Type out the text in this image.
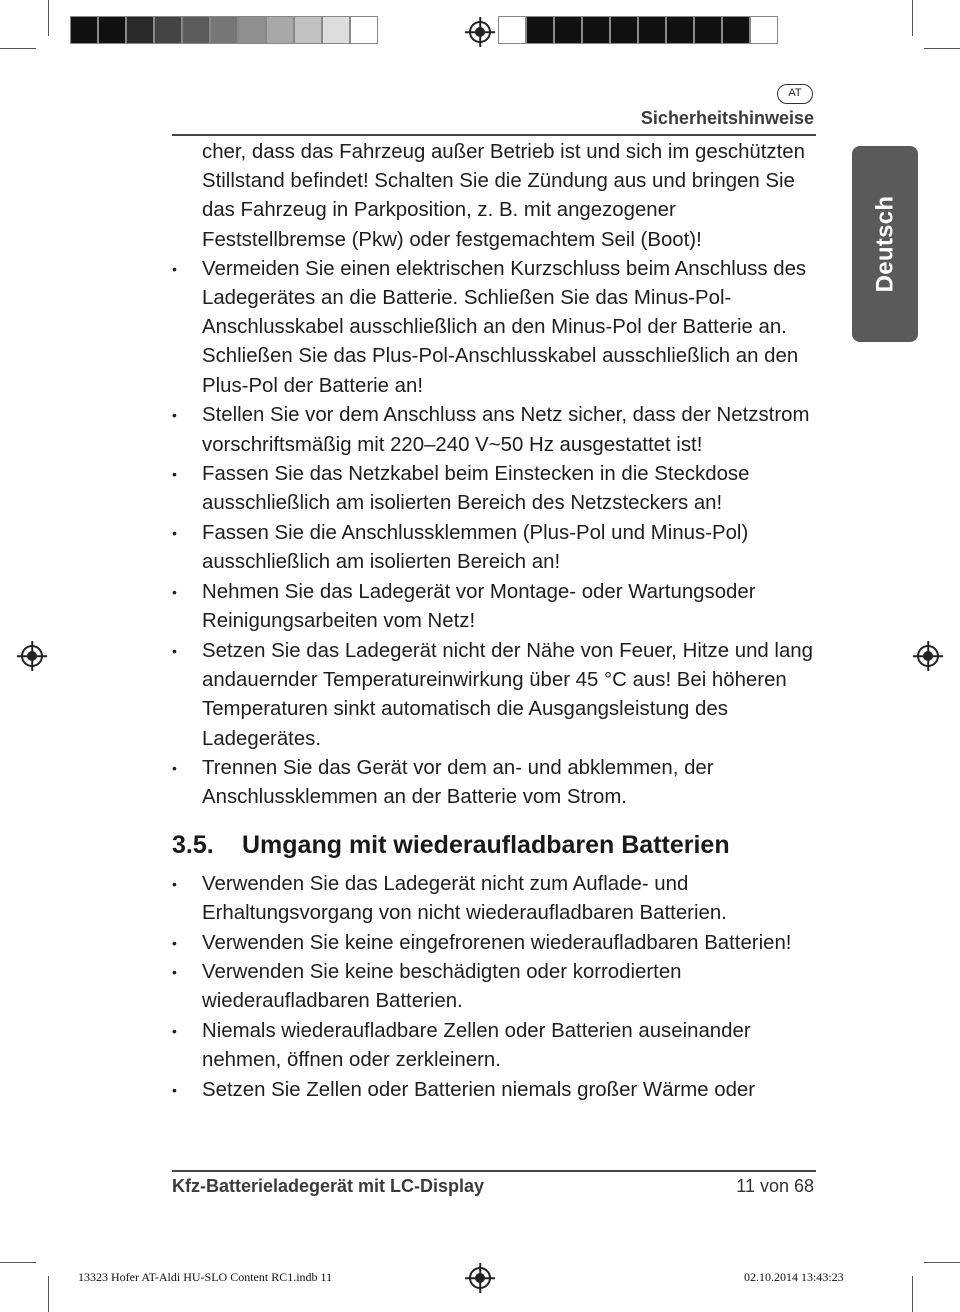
AT
Sicherheitshinweise
Deutsch

cher, dass das Fahrzeug außer Betrieb ist und sich im geschützten Stillstand befindet! Schalten Sie die Zündung aus und bringen Sie das Fahrzeug in Parkposition, z. B. mit angezogener Feststellbremse (Pkw) oder festgemachtem Seil (Boot)!

• Vermeiden Sie einen elektrischen Kurzschluss beim Anschluss des Ladegerätes an die Batterie. Schließen Sie das Minus-Pol-Anschlusskabel ausschließlich an den Minus-Pol der Batterie an. Schließen Sie das Plus-Pol-Anschlusskabel ausschließlich an den Plus-Pol der Batterie an!
• Stellen Sie vor dem Anschluss ans Netz sicher, dass der Netzstrom vorschriftsmäßig mit 220–240 V~50 Hz ausgestattet ist!
• Fassen Sie das Netzkabel beim Einstecken in die Steckdose ausschließlich am isolierten Bereich des Netzsteckers an!
• Fassen Sie die Anschlussklemmen (Plus-Pol und Minus-Pol) ausschließlich am isolierten Bereich an!
• Nehmen Sie das Ladegerät vor Montage- oder Wartungsoder Reinigungsarbeiten vom Netz!
• Setzen Sie das Ladegerät nicht der Nähe von Feuer, Hitze und lang andauernder Temperatureinwirkung über 45 °C aus! Bei höheren Temperaturen sinkt automatisch die Ausgangsleistung des Ladegerätes.
• Trennen Sie das Gerät vor dem an- und abklemmen, der Anschlussklemmen an der Batterie vom Strom.
3.5.	Umgang mit wiederaufladbaren Batterien
• Verwenden Sie das Ladegerät nicht zum Auflade- und Erhaltungsvorgang von nicht wiederaufladbaren Batterien.
• Verwenden Sie keine eingefrorenen wiederaufladbaren Batterien!
• Verwenden Sie keine beschädigten oder korrodierten wiederaufladbaren Batterien.
• Niemals wiederaufladbare Zellen oder Batterien auseinander nehmen, öffnen oder zerkleinern.
• Setzen Sie Zellen oder Batterien niemals großer Wärme oder
Kfz-Batterieladegerät mit LC-Display	11 von 68
13323 Hofer AT-Aldi HU-SLO Content RC1.indb 11	02.10.2014 13:43:23
